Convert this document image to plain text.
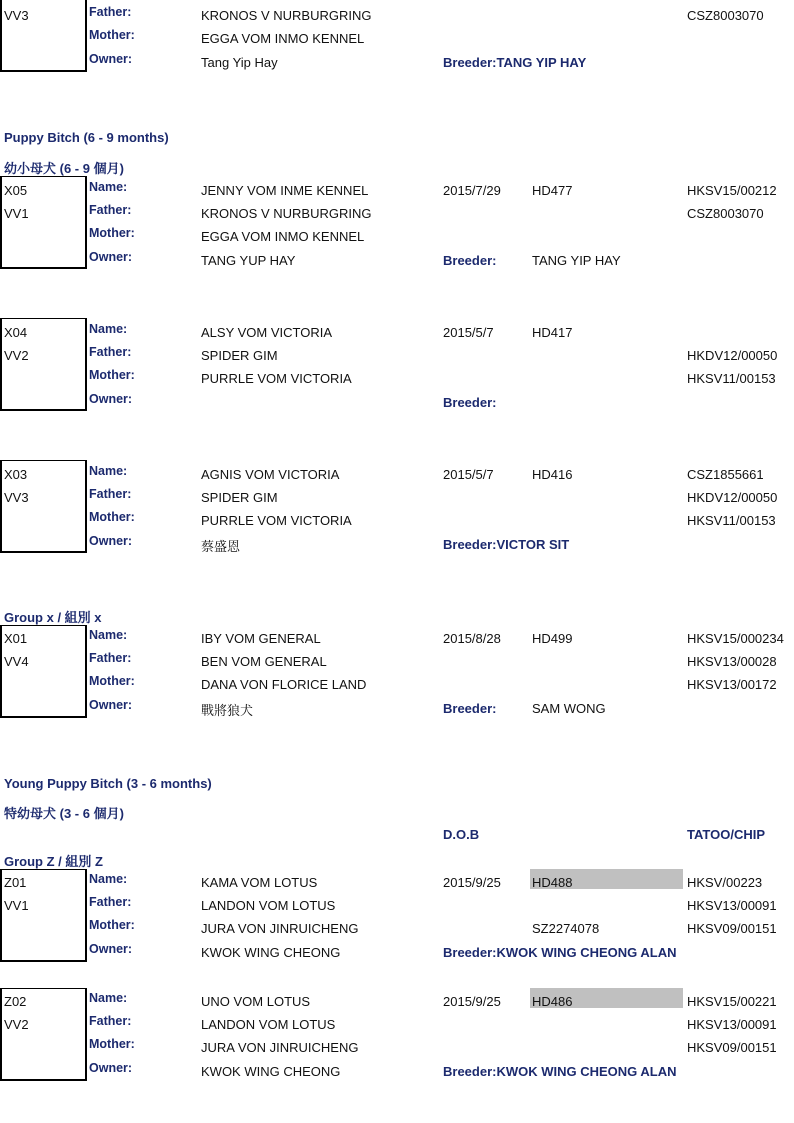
VV3	Father:	KRONOS V NURBURGRING	CSZ8003070
Mother:	EGGA VOM INMO KENNEL
Owner:	Tang Yip Hay	Breeder:TANG YIP HAY
Puppy Bitch (6 - 9 months)
幼小母犬 (6 - 9 個月)
X05
VV1
Name:	JENNY VOM INME KENNEL	2015/7/29 HD477	HKSV15/00212
Father:	KRONOS V NURBURGRING	CSZ8003070
Mother:	EGGA VOM INMO KENNEL
Owner:	TANG YUP HAY	Breeder:	TANG YIP HAY
X04
VV2
Name:	ALSY VOM VICTORIA	2015/5/7	HD417
Father:	SPIDER GIM	HKDV12/00050
Mother:	PURRLE VOM VICTORIA	HKSV11/00153
Owner:	Breeder:
X03
VV3
Name:	AGNIS VOM VICTORIA	2015/5/7	HD416	CSZ1855661
Father:	SPIDER GIM	HKDV12/00050
Mother:	PURRLE VOM VICTORIA	HKSV11/00153
Owner:	蔡盛恩	Breeder:VICTOR SIT
Group x / 組別 x
X01
VV4
Name:	IBY VOM GENERAL	2015/8/28 HD499	HKSV15/000234
Father:	BEN VOM GENERAL	HKSV13/00028
Mother:	DANA VON FLORICE LAND	HKSV13/00172
Owner:	戰將狼犬	Breeder:	SAM WONG
Young Puppy Bitch (3 - 6 months)
特幼母犬 (3 - 6 個月)
D.O.B	TATOO/CHIP
Group Z / 組別 Z
Z01
VV1
Name:	KAMA VOM LOTUS	2015/9/25 HD488	HKSV/00223
Father:	LANDON VOM LOTUS	HKSV13/00091
Mother:	JURA VON JINRUICHENG	SZ2274078	HKSV09/00151
Owner:	KWOK WING CHEONG	Breeder:KWOK WING CHEONG ALAN
Z02
VV2
Name:	UNO VOM LOTUS	2015/9/25 HD486	HKSV15/00221
Father:	LANDON VOM LOTUS	HKSV13/00091
Mother:	JURA VON JINRUICHENG	HKSV09/00151
Owner:	KWOK WING CHEONG	Breeder:KWOK WING CHEONG ALAN
